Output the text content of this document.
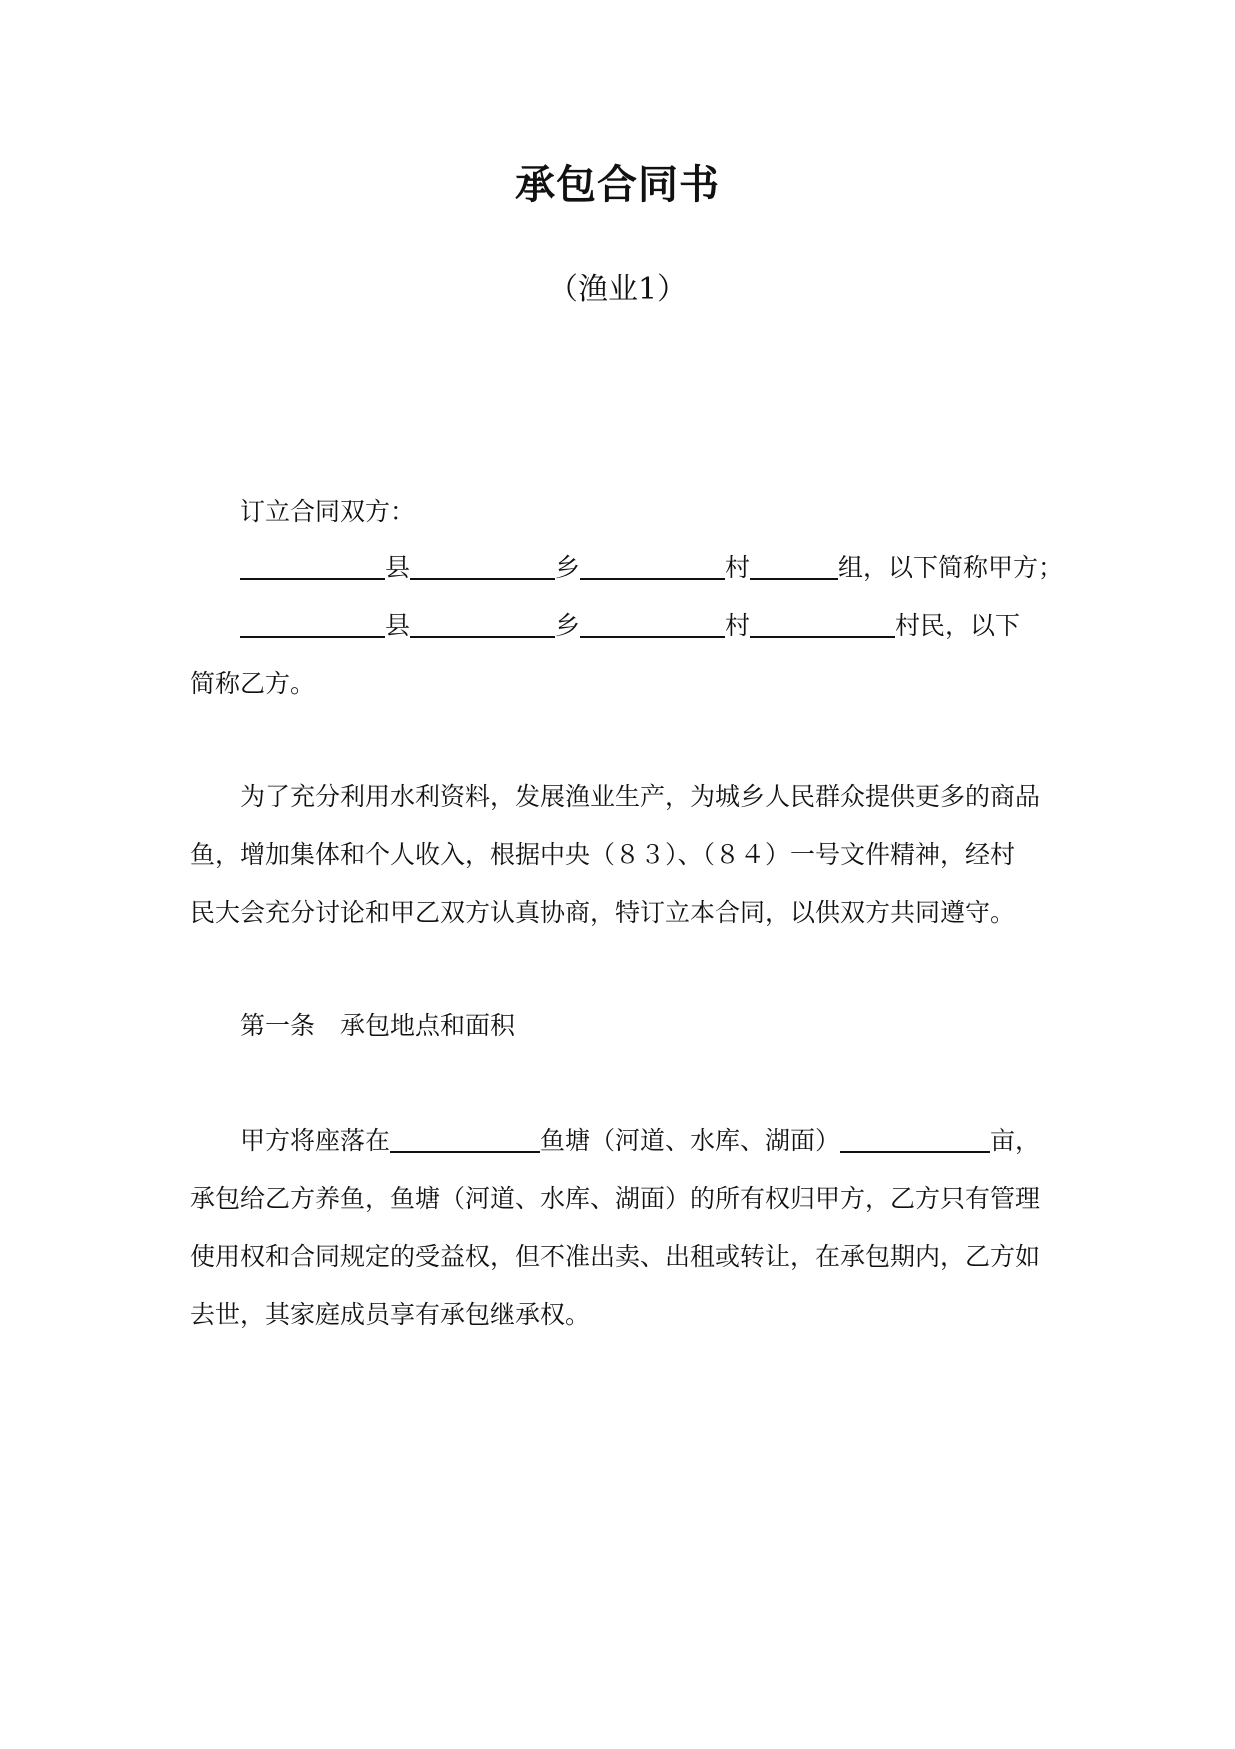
承包合同书
（渔业1）
订立合同双方：
县	乡	村	组，以下简称甲方；
县	乡	村	村民，以下
简称乙方。
为了充分利用水利资料，发展渔业生产，为城乡人民群众提供更多的商品
鱼，增加集体和个人收入，根据中央（８３）、（８４）一号文件精神，经村
民大会充分讨论和甲乙双方认真协商，特订立本合同，以供双方共同遵守。
第一条　承包地点和面积
甲方将座落在	鱼塘（河道、水库、湖面）	亩，
承包给乙方养鱼，鱼塘（河道、水库、湖面）的所有权归甲方，乙方只有管理
使用权和合同规定的受益权，但不准出卖、出租或转让，在承包期内，乙方如
去世，其家庭成员享有承包继承权。
